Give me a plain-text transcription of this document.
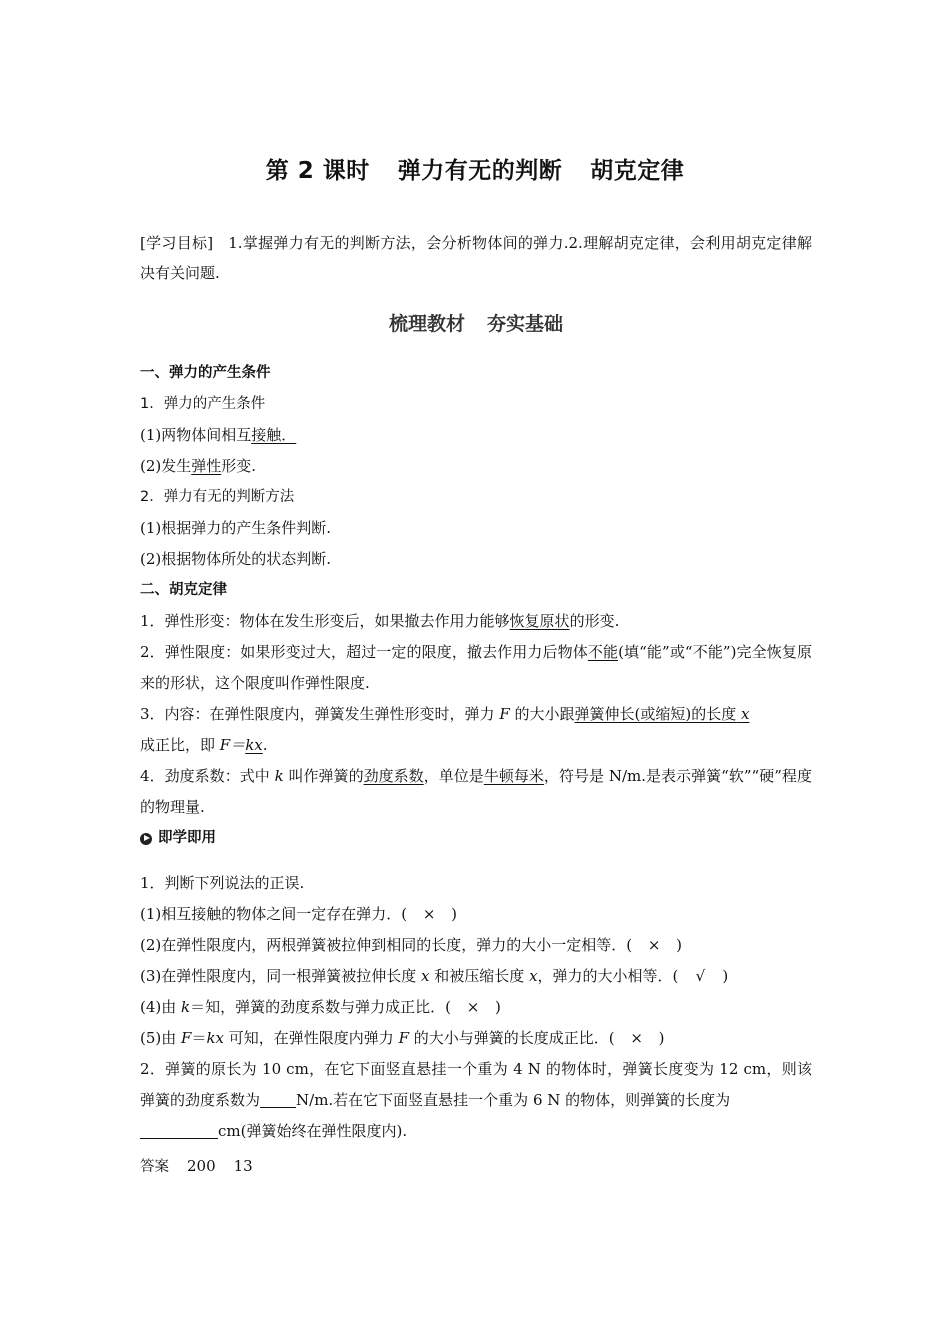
第 2 课时 弹力有无的判断 胡克定律
[学习目标] 1.掌握弹力有无的判断方法，会分析物体间的弹力.2.理解胡克定律，会利用胡克定律解决有关问题.
梳理教材 夯实基础
一、弹力的产生条件
1．弹力的产生条件
(1)两物体间相互接触．
(2)发生弹性形变.
2．弹力有无的判断方法
(1)根据弹力的产生条件判断.
(2)根据物体所处的状态判断.
二、胡克定律
1．弹性形变：物体在发生形变后，如果撤去作用力能够恢复原状的形变.
2．弹性限度：如果形变过大，超过一定的限度，撤去作用力后物体不能(填“能”或“不能”)完全恢复原来的形状，这个限度叫作弹性限度.
3．内容：在弹性限度内，弹簧发生弹性形变时，弹力 F 的大小跟弹簧伸长(或缩短)的长度 x
成正比，即 F＝kx.
4．劲度系数：式中 k 叫作弹簧的劲度系数，单位是牛顿每米，符号是 N/m.是表示弹簧“软”“硬”程度的物理量.
即学即用
1．判断下列说法的正误.
(1)相互接触的物体之间一定存在弹力．( × )
(2)在弹性限度内，两根弹簧被拉伸到相同的长度，弹力的大小一定相等．( × )
(3)在弹性限度内，同一根弹簧被拉伸长度 x 和被压缩长度 x，弹力的大小相等．( √ )
(4)由 k＝知，弹簧的劲度系数与弹力成正比．( × )
(5)由 F＝kx 可知，在弹性限度内弹力 F 的大小与弹簧的长度成正比．( × )
2．弹簧的原长为 10 cm，在它下面竖直悬挂一个重为 4 N 的物体时，弹簧长度变为 12 cm，则该弹簧的劲度系数为 N/m.若在它下面竖直悬挂一个重为 6 N 的物体，则弹簧的长度为
cm(弹簧始终在弹性限度内).
答案 200 13
